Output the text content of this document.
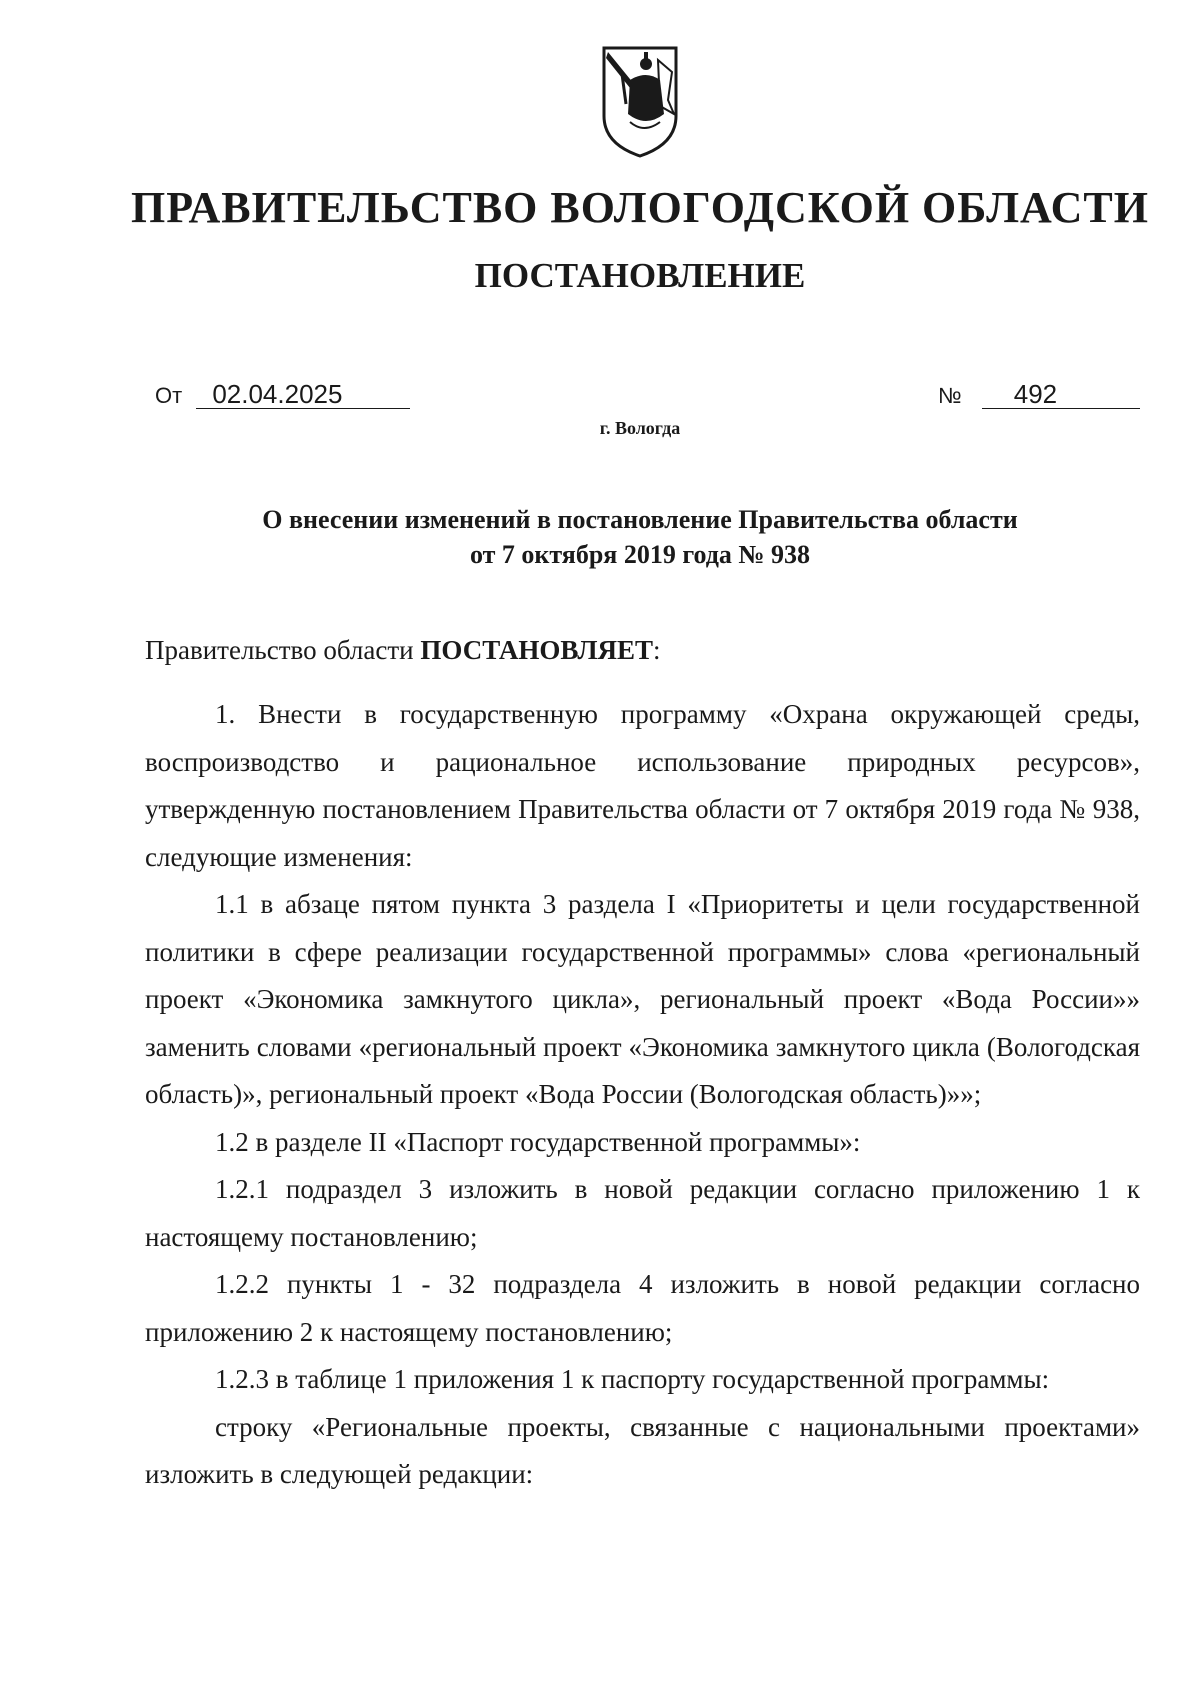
ПРАВИТЕЛЬСТВО ВОЛОГОДСКОЙ ОБЛАСТИ
ПОСТАНОВЛЕНИЕ
От 02.04.2025	№ 492
г. Вологда
О внесении изменений в постановление Правительства области
от 7 октября 2019 года № 938
Правительство области ПОСТАНОВЛЯЕТ:

1. Внести в государственную программу «Охрана окружающей среды, воспроизводство и рациональное использование природных ресурсов», утвержденную постановлением Правительства области от 7 октября 2019 года № 938, следующие изменения:

1.1 в абзаце пятом пункта 3 раздела I «Приоритеты и цели государственной политики в сфере реализации государственной программы» слова «региональный проект «Экономика замкнутого цикла», региональный проект «Вода России»» заменить словами «региональный проект «Экономика замкнутого цикла (Вологодская область)», региональный проект «Вода России (Вологодская область)»»;

1.2 в разделе II «Паспорт государственной программы»:

1.2.1 подраздел 3 изложить в новой редакции согласно приложению 1 к настоящему постановлению;

1.2.2 пункты 1 - 32 подраздела 4 изложить в новой редакции согласно приложению 2 к настоящему постановлению;

1.2.3 в таблице 1 приложения 1 к паспорту государственной программы:

строку «Региональные проекты, связанные с национальными проектами» изложить в следующей редакции:
